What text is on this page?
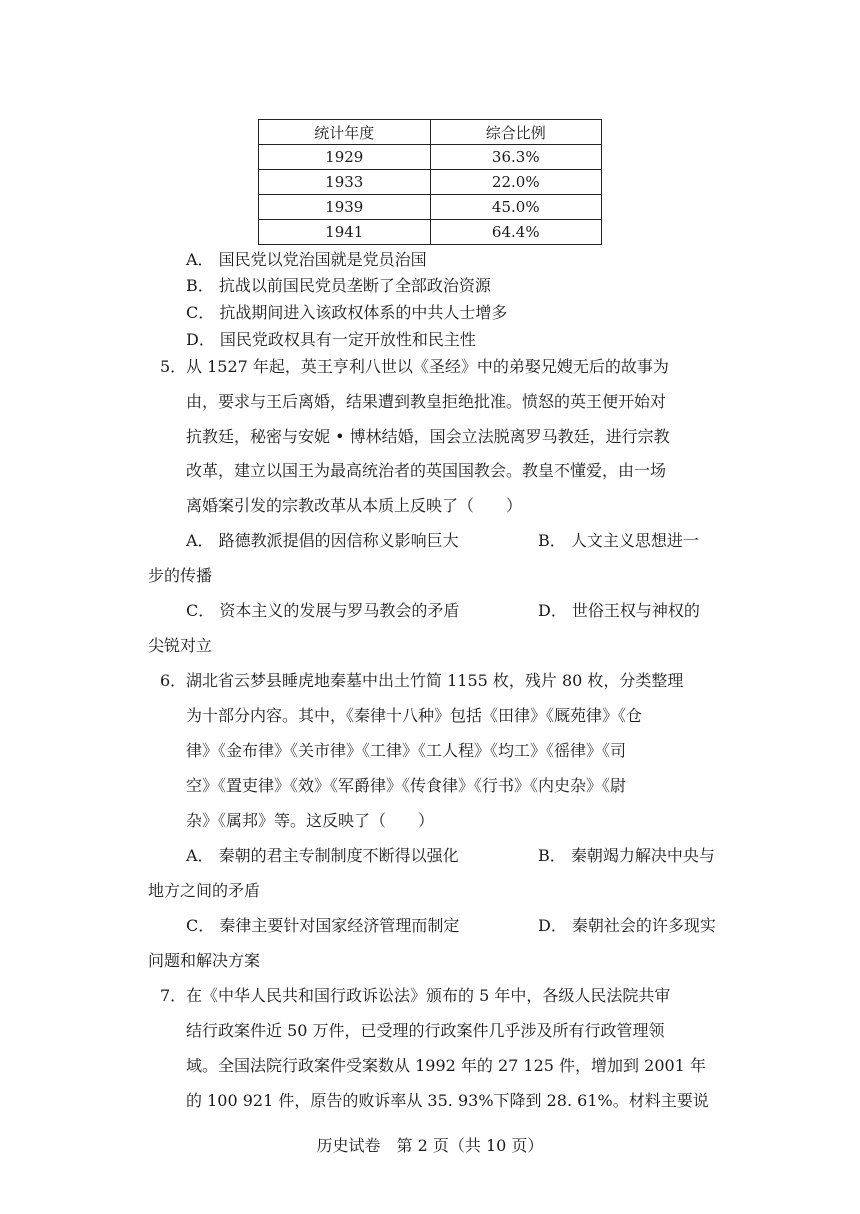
统计年度	综合比例
1929	36.3%
1933	22.0%
1939	45.0%
1941	64.4%
A． 国民党以党治国就是党员治国
B． 抗战以前国民党员垄断了全部政治资源
C． 抗战期间进入该政权体系的中共人士增多
D． 国民党政权具有一定开放性和民主性
5． 从 1527 年起，英王亨利八世以《圣经》中的弟娶兄嫂无后的故事为
由，要求与王后离婚，结果遭到教皇拒绝批准。愤怒的英王便开始对
抗教廷，秘密与安妮 • 博林结婚，国会立法脱离罗马教廷，进行宗教
改革，建立以国王为最高统治者的英国国教会。教皇不懂爱，由一场
离婚案引发的宗教改革从本质上反映了（　　）
A． 路德教派提倡的因信称义影响巨大	B． 人文主义思想进一
步的传播
C． 资本主义的发展与罗马教会的矛盾	D． 世俗王权与神权的
尖锐对立
6． 湖北省云梦县睡虎地秦墓中出土竹简 1155 枚，残片 80 枚，分类整理
为十部分内容。其中，《秦律十八种》包括《田律》《厩苑律》《仓
律》《金布律》《关市律》《工律》《工人程》《均工》《徭律》《司
空》《置吏律》《效》《军爵律》《传食律》《行书》《内史杂》《尉
杂》《属邦》等。这反映了（　　）
A． 秦朝的君主专制制度不断得以强化	B． 秦朝竭力解决中央与
地方之间的矛盾
C． 秦律主要针对国家经济管理而制定	D． 秦朝社会的许多现实
问题和解决方案
7． 在《中华人民共和国行政诉讼法》颁布的 5 年中，各级人民法院共审
结行政案件近 50 万件，已受理的行政案件几乎涉及所有行政管理领
域。全国法院行政案件受案数从 1992 年的 27 125 件，增加到 2001 年
的 100 921 件，原告的败诉率从 35. 93%下降到 28. 61%。材料主要说
历史试卷　第 2 页（共 10 页）
